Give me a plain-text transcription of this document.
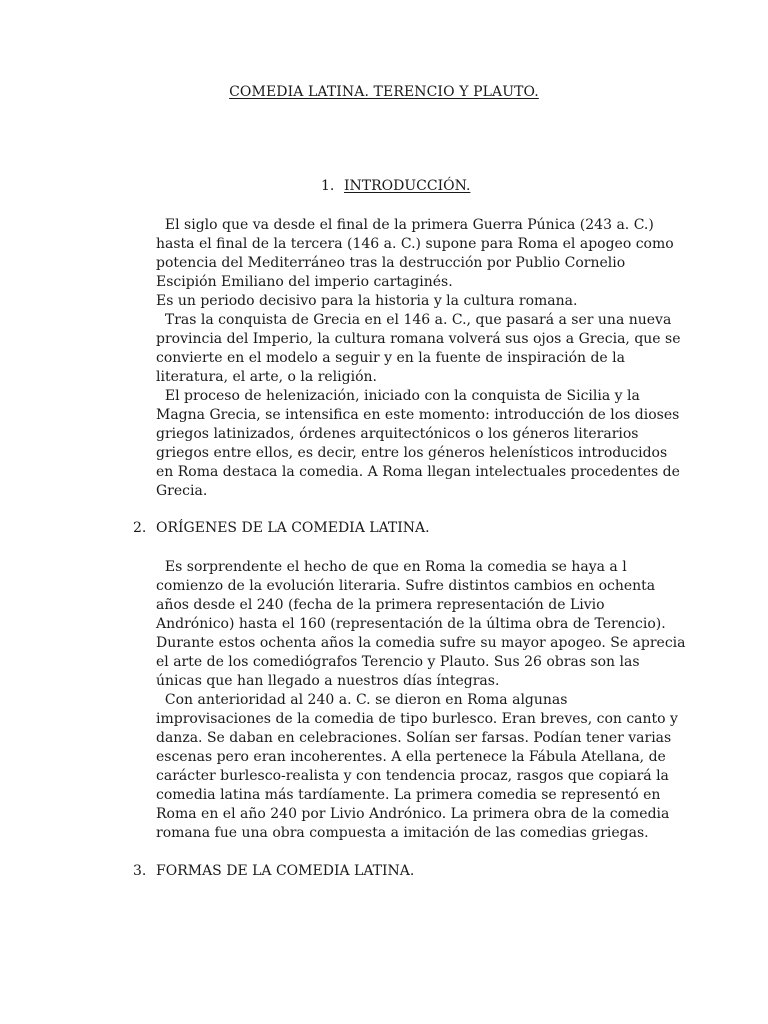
COMEDIA LATINA. TERENCIO Y PLAUTO.
1. INTRODUCCIÓN.
El siglo que va desde el final de la primera Guerra Púnica (243 a. C.)
hasta el final de la tercera (146 a. C.) supone para Roma el apogeo como
potencia del Mediterráneo tras la destrucción por Publio Cornelio
Escipión Emiliano del imperio cartaginés.
Es un periodo decisivo para la historia y la cultura romana.
Tras la conquista de Grecia en el 146 a. C., que pasará a ser una nueva
provincia del Imperio, la cultura romana volverá sus ojos a Grecia, que se
convierte en el modelo a seguir y en la fuente de inspiración de la
literatura, el arte, o la religión.
El proceso de helenización, iniciado con la conquista de Sicilia y la
Magna Grecia, se intensifica en este momento: introducción de los dioses
griegos latinizados, órdenes arquitectónicos o los géneros literarios
griegos entre ellos, es decir, entre los géneros helenísticos introducidos
en Roma destaca la comedia. A Roma llegan intelectuales procedentes de
Grecia.
2. ORÍGENES DE LA COMEDIA LATINA.
Es sorprendente el hecho de que en Roma la comedia se haya a l
comienzo de la evolución literaria. Sufre distintos cambios en ochenta
años desde el 240 (fecha de la primera representación de Livio
Andrónico) hasta el 160 (representación de la última obra de Terencio).
Durante estos ochenta años la comedia sufre su mayor apogeo. Se aprecia
el arte de los comediógrafos Terencio y Plauto. Sus 26 obras son las
únicas que han llegado a nuestros días íntegras.
Con anterioridad al 240 a. C. se dieron en Roma algunas
improvisaciones de la comedia de tipo burlesco. Eran breves, con canto y
danza. Se daban en celebraciones. Solían ser farsas. Podían tener varias
escenas pero eran incoherentes. A ella pertenece la Fábula Atellana, de
carácter burlesco-realista y con tendencia procaz, rasgos que copiará la
comedia latina más tardíamente. La primera comedia se representó en
Roma en el año 240 por Livio Andrónico. La primera obra de la comedia
romana fue una obra compuesta a imitación de las comedias griegas.
3. FORMAS DE LA COMEDIA LATINA.
